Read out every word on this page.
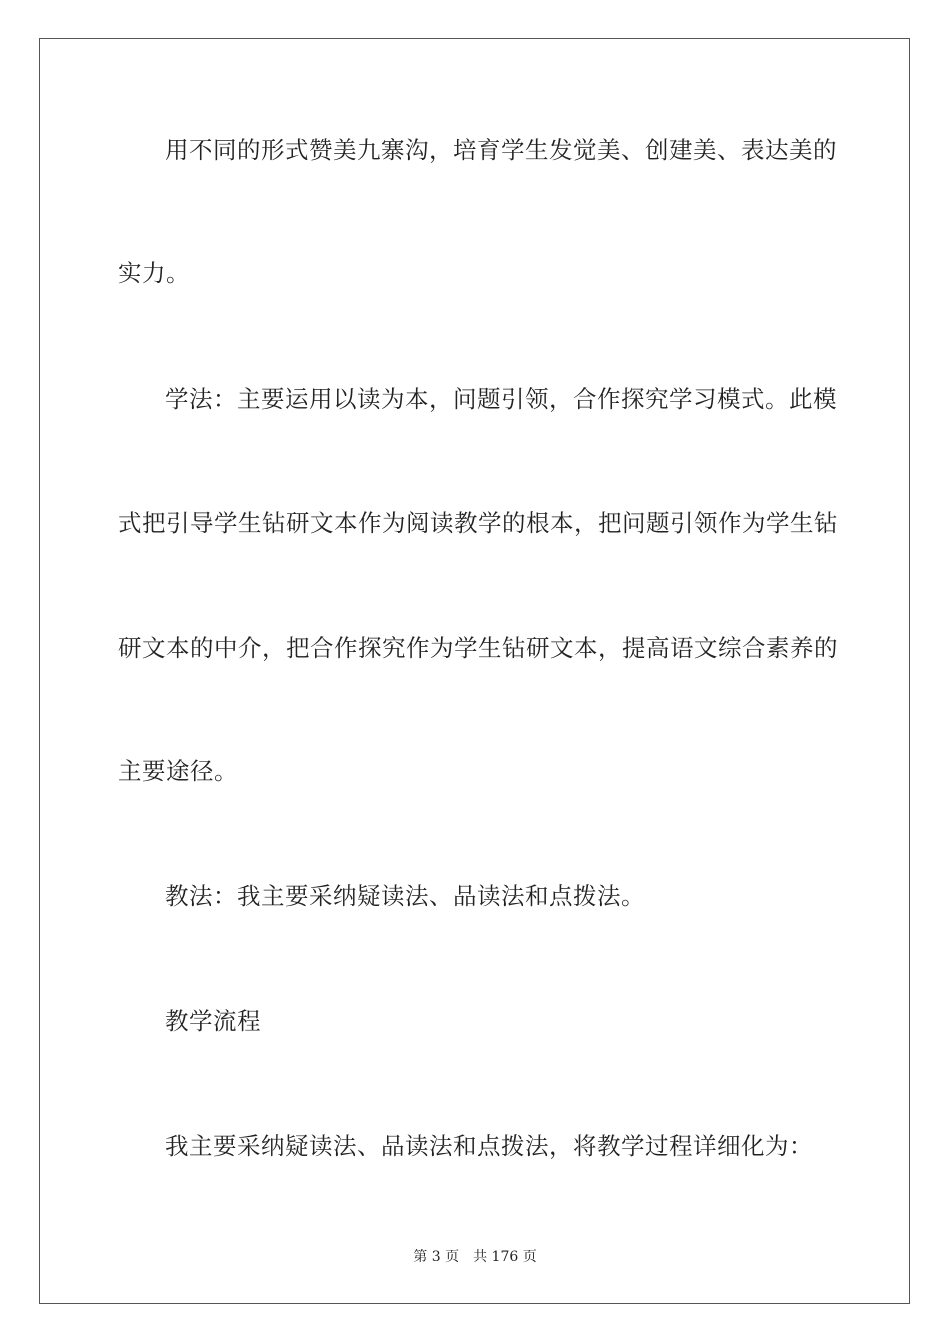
用不同的形式赞美九寨沟，培育学生发觉美、创建美、表达美的
实力。
学法：主要运用以读为本，问题引领，合作探究学习模式。此模
式把引导学生钻研文本作为阅读教学的根本，把问题引领作为学生钻
研文本的中介，把合作探究作为学生钻研文本，提高语文综合素养的
主要途径。
教法：我主要采纳疑读法、品读法和点拨法。
教学流程
我主要采纳疑读法、品读法和点拨法，将教学过程详细化为：
第 3 页　共 176 页
